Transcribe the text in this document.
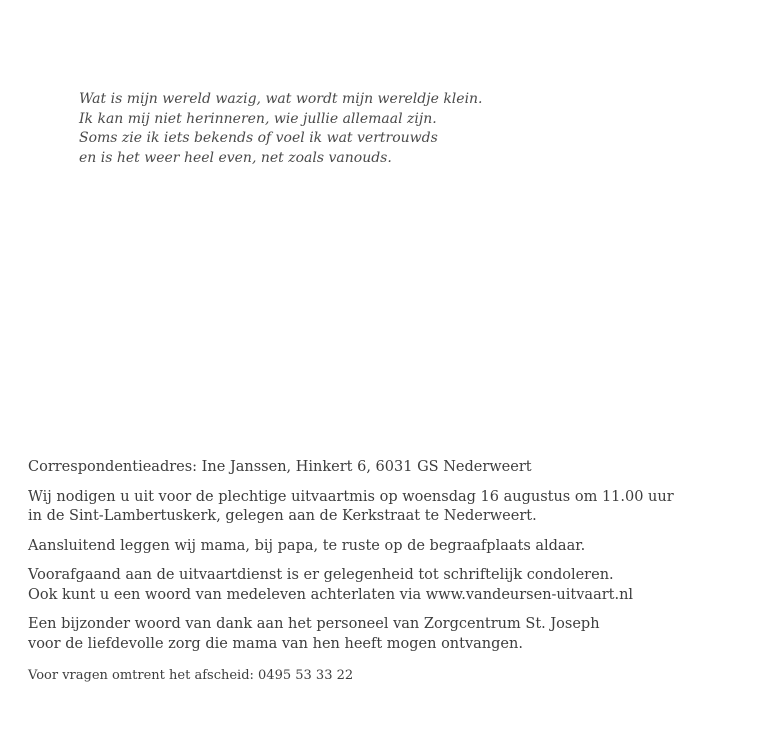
Wat is mijn wereld wazig, wat wordt mijn wereldje klein.
Ik kan mij niet herinneren, wie jullie allemaal zijn.
Soms zie ik iets bekends of voel ik wat vertrouwds
en is het weer heel even, net zoals vanouds.

Correspondentieadres: Ine Janssen, Hinkert 6, 6031 GS Nederweert

Wij nodigen u uit voor de plechtige uitvaartmis op woensdag 16 augustus om 11.00 uur
in de Sint-Lambertuskerk, gelegen aan de Kerkstraat te Nederweert.

Aansluitend leggen wij mama, bij papa, te ruste op de begraafplaats aldaar.

Voorafgaand aan de uitvaartdienst is er gelegenheid tot schriftelijk condoleren.
Ook kunt u een woord van medeleven achterlaten via www.vandeursen-uitvaart.nl

Een bijzonder woord van dank aan het personeel van Zorgcentrum St. Joseph
voor de liefdevolle zorg die mama van hen heeft mogen ontvangen.

Voor vragen omtrent het afscheid: 0495 53 33 22
